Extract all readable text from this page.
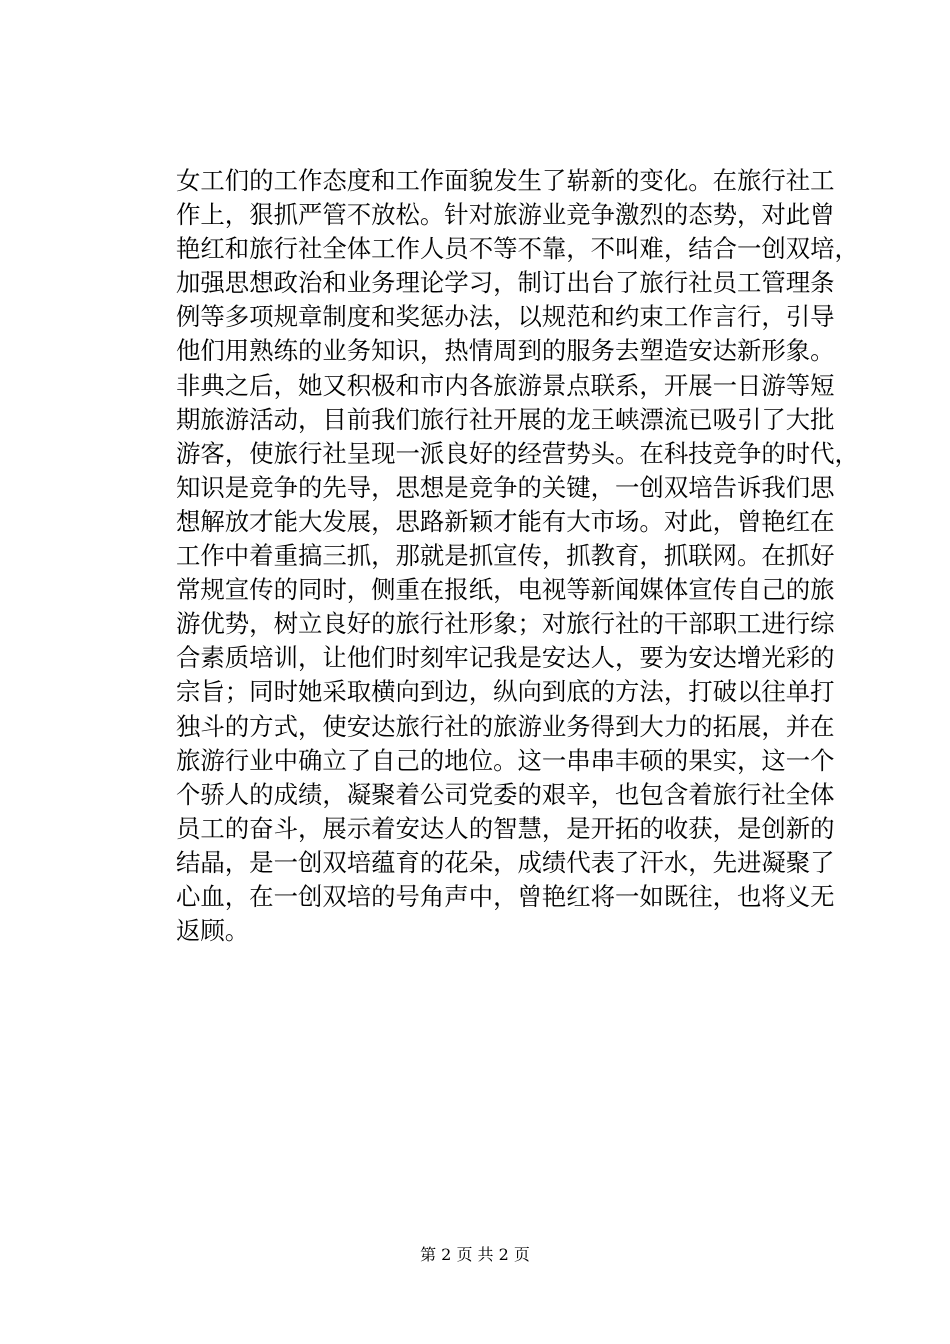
女工们的工作态度和工作面貌发生了崭新的变化。在旅行社工
作上，狠抓严管不放松。针对旅游业竞争激烈的态势，对此曾
艳红和旅行社全体工作人员不等不靠，不叫难，结合一创双培，
加强思想政治和业务理论学习，制订出台了旅行社员工管理条
例等多项规章制度和奖惩办法，以规范和约束工作言行，引导
他们用熟练的业务知识，热情周到的服务去塑造安达新形象。
非典之后，她又积极和市内各旅游景点联系，开展一日游等短
期旅游活动，目前我们旅行社开展的龙王峡漂流已吸引了大批
游客，使旅行社呈现一派良好的经营势头。在科技竞争的时代，
知识是竞争的先导，思想是竞争的关键，一创双培告诉我们思
想解放才能大发展，思路新颖才能有大市场。对此，曾艳红在
工作中着重搞三抓，那就是抓宣传，抓教育，抓联网。在抓好
常规宣传的同时，侧重在报纸，电视等新闻媒体宣传自己的旅
游优势，树立良好的旅行社形象；对旅行社的干部职工进行综
合素质培训，让他们时刻牢记我是安达人，要为安达增光彩的
宗旨；同时她采取横向到边，纵向到底的方法，打破以往单打
独斗的方式，使安达旅行社的旅游业务得到大力的拓展，并在
旅游行业中确立了自己的地位。这一串串丰硕的果实，这一个
个骄人的成绩，凝聚着公司党委的艰辛，也包含着旅行社全体
员工的奋斗，展示着安达人的智慧，是开拓的收获，是创新的
结晶，是一创双培蕴育的花朵，成绩代表了汗水，先进凝聚了
心血，在一创双培的号角声中，曾艳红将一如既往，也将义无
返顾。

第 2 页 共 2 页
